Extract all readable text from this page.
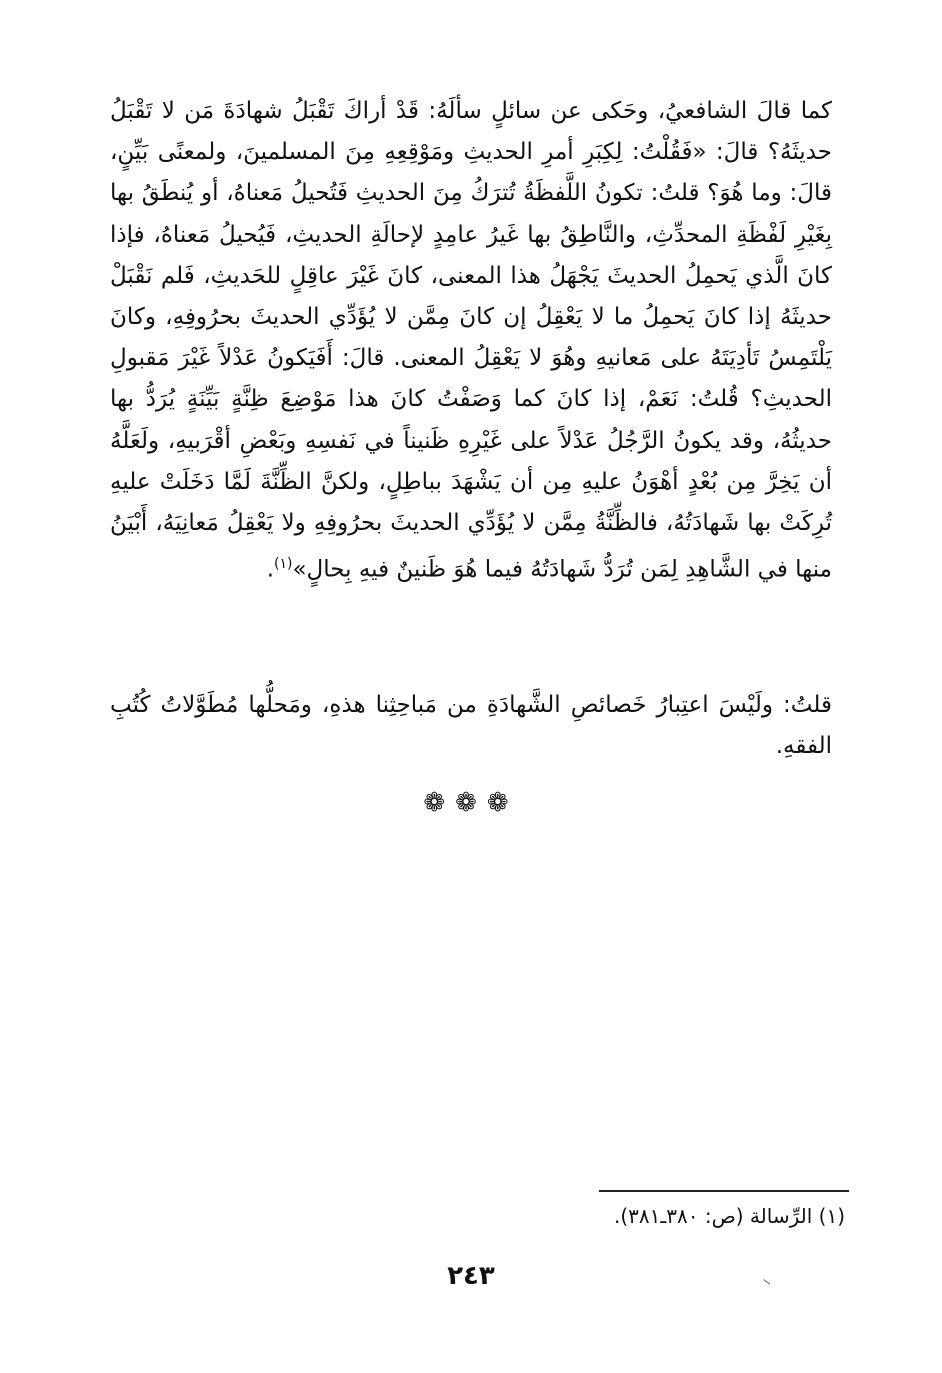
كما قالَ الشافعيُ، وحَكى عن سائلٍ سألَهُ: قَدْ أراكَ تَقْبَلُ شهادَةَ مَن لا تَقْبَلُ حديثَهُ؟ قالَ: «فَقُلْتُ: لِكِبَرِ أمرِ الحديثِ ومَوْقِعِهِ مِنَ المسلمينَ، ولمعنًى بَيِّنٍ، قالَ: وما هُوَ؟ قلتُ: تكونُ اللَّفظَةُ تُترَكُ مِنَ الحديثِ فَتُحيلُ مَعناهُ، أو يُنطَقُ بها بِغَيْرِ لَفْظَةِ المحدِّثِ، والنَّاطِقُ بها غَيرُ عامِدٍ لإحالَةِ الحديثِ، فَيُحيلُ مَعناهُ، فإذا كانَ الَّذي يَحمِلُ الحديثَ يَجْهَلُ هذا المعنى، كانَ غَيْرَ عاقِلٍ للحَديثِ، فَلم نَقْبَلْ حديثَهُ إذا كانَ يَحمِلُ ما لا يَعْقِلُ إن كانَ مِمَّن لا يُؤَدِّي الحديثَ بحرُوفِهِ، وكانَ يَلْتَمِسُ تَأدِيَتَهُ على مَعانيهِ وهُوَ لا يَعْقِلُ المعنى. قالَ: أَفَيَكونُ عَدْلاً غَيْرَ مَقبولِ الحديثِ؟ قُلتُ: نَعَمْ، إذا كانَ كما وَصَفْتُ كانَ هذا مَوْضِعَ ظِنَّةٍ بَيِّنَةٍ يُرَدُّ بها حديثُهُ، وقد يكونُ الرَّجُلُ عَدْلاً على غَيْرِهِ ظَنيناً في نَفسِهِ وبَعْضِ أقْرَبيهِ، ولَعَلَّهُ أن يَخِرَّ مِن بُعْدٍ أهْوَنُ عليهِ مِن أن يَشْهَدَ بباطِلٍ، ولكنَّ الظِّنَّةَ لَمَّا دَخَلَتْ عليهِ تُرِكَتْ بها شَهادَتُهُ، فالظِّنَّةُ مِمَّن لا يُؤَدِّي الحديثَ بحرُوفِهِ ولا يَعْقِلُ مَعانِيَهُ، أَبْيَنُ منها في الشَّاهِدِ لِمَن تُرَدُّ شَهادَتُهُ فيما هُوَ ظَنينٌ فيهِ بِحالٍ»$^{(١)}$.
قلتُ: ولَيْسَ اعتِبارُ خَصائصِ الشَّهادَةِ من مَباحِثِنا هذهِ، ومَحلُّها مُطَوَّلاتُ كُتُبِ الفقهِ.
❁❁❁
(١) الرِّسالة (ص: ٣٨٠ـ٣٨١).
٢٤٣
